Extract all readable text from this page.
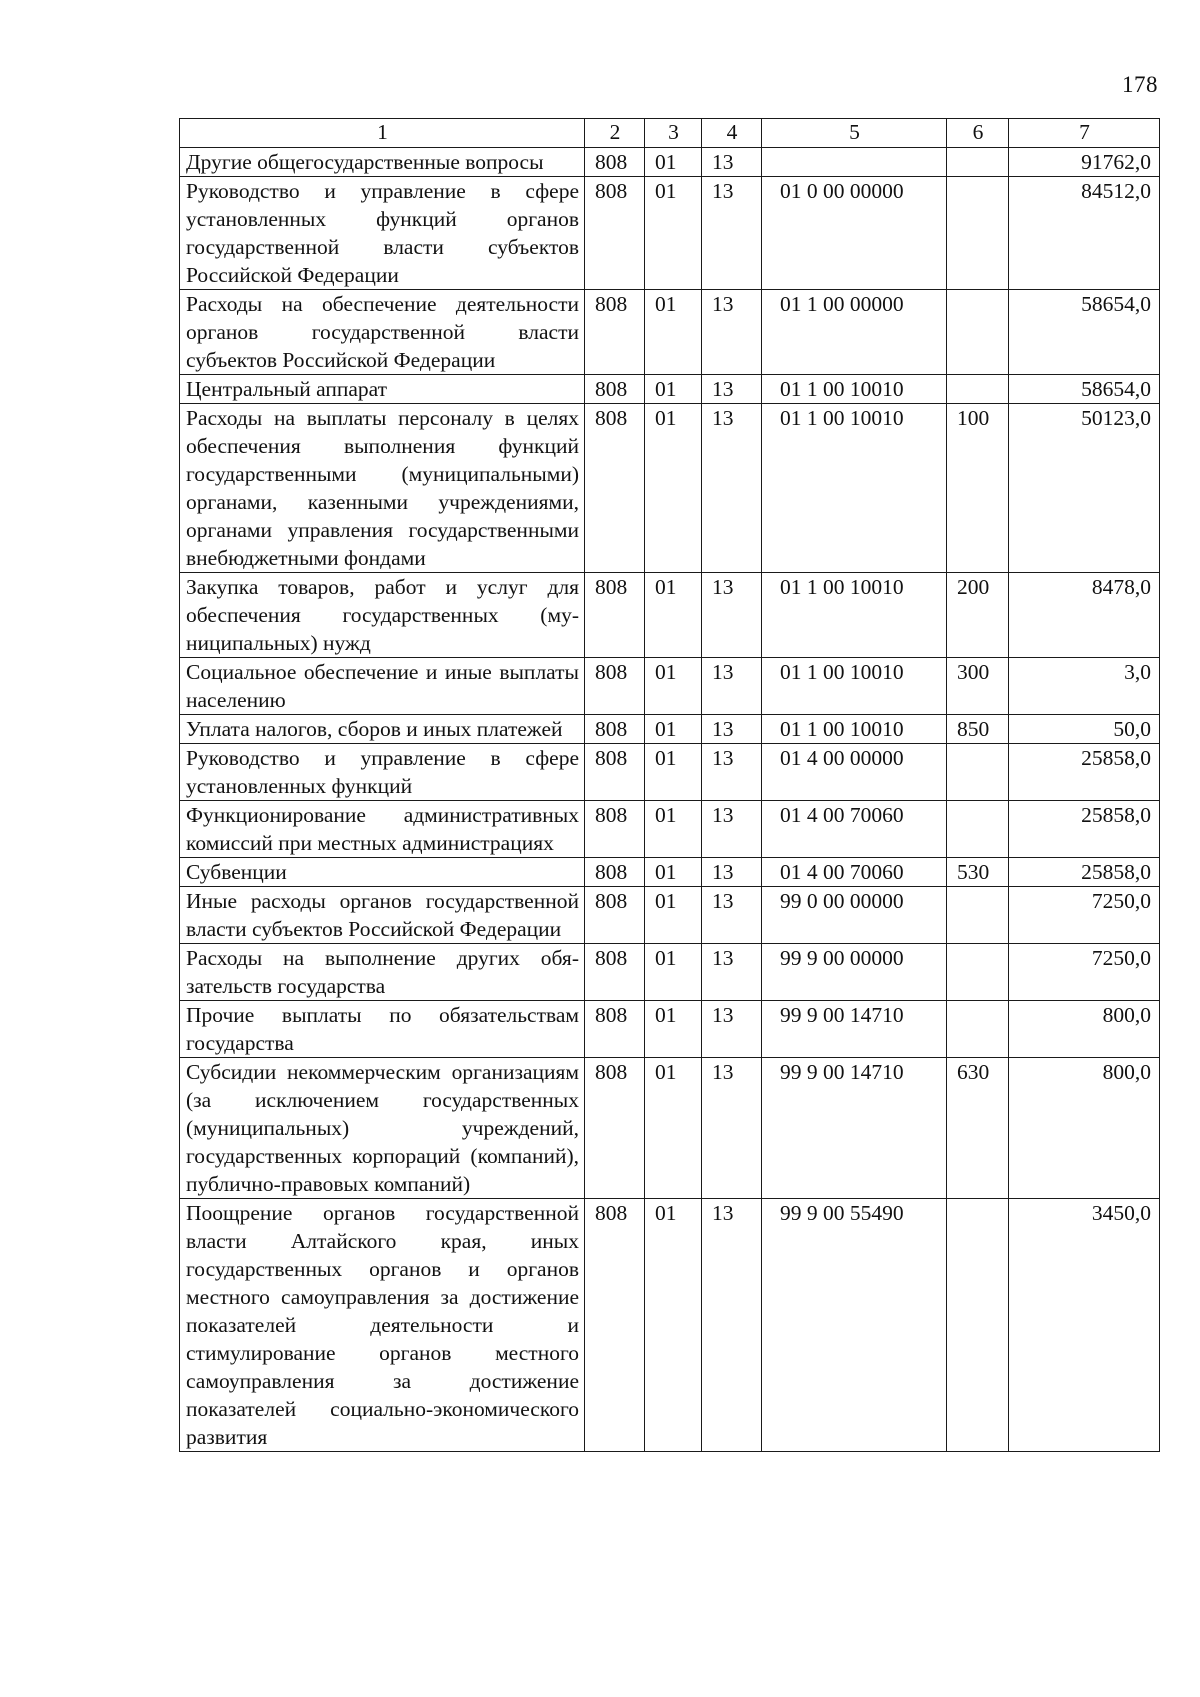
178
1	2	3	4	5	6	7
Другие общегосударственные вопросы	808	01	13			91762,0
Руководство и управление в сфере установленных функций органов государственной власти субъектов Российской Федерации	808	01	13	01 0 00 00000		84512,0
Расходы на обеспечение деятельности органов государственной власти субъектов Российской Федерации	808	01	13	01 1 00 00000		58654,0
Центральный аппарат	808	01	13	01 1 00 10010		58654,0
Расходы на выплаты персоналу в целях обеспечения выполнения функций государственными (муниципальными) органами, казенными учреждениями, органами управления государственными внебюджетными фондами	808	01	13	01 1 00 10010	100	50123,0
Закупка товаров, работ и услуг для обеспечения государственных (муниципальных) нужд	808	01	13	01 1 00 10010	200	8478,0
Социальное обеспечение и иные выплаты населению	808	01	13	01 1 00 10010	300	3,0
Уплата налогов, сборов и иных платежей	808	01	13	01 1 00 10010	850	50,0
Руководство и управление в сфере установленных функций	808	01	13	01 4 00 00000		25858,0
Функционирование административных комиссий при местных администрациях	808	01	13	01 4 00 70060		25858,0
Субвенции	808	01	13	01 4 00 70060	530	25858,0
Иные расходы органов государственной власти субъектов Российской Федерации	808	01	13	99 0 00 00000		7250,0
Расходы на выполнение других обязательств государства	808	01	13	99 9 00 00000		7250,0
Прочие выплаты по обязательствам государства	808	01	13	99 9 00 14710		800,0
Субсидии некоммерческим организациям (за исключением государственных (муниципальных) учреждений, государственных корпораций (компаний), публично-правовых компаний)	808	01	13	99 9 00 14710	630	800,0
Поощрение органов государственной власти Алтайского края, иных государственных органов и органов местного самоуправления за достижение показателей деятельности и стимулирование органов местного самоуправления за достижение показателей социально-экономического развития	808	01	13	99 9 00 55490		3450,0
